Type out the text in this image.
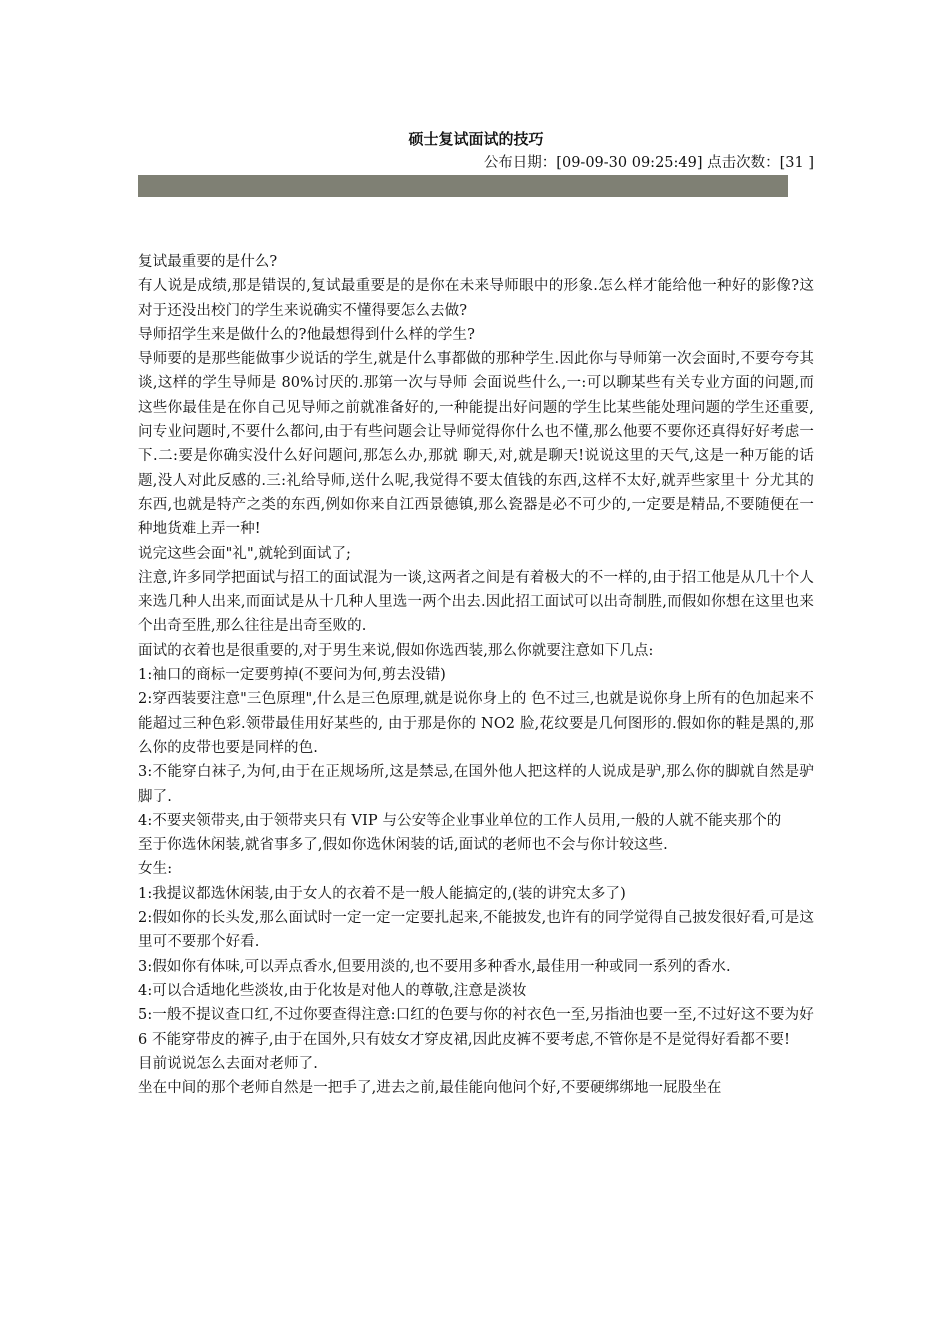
硕士复试面试的技巧
公布日期：[09-09-30 09:25:49] 点击次数：[31 ]

复试最重要的是什么?

有人说是成绩,那是错误的,复试最重要是的是你在未来导师眼中的形象.怎么样才能给他一种好的影像?这对于还没出校门的学生来说确实不懂得要怎么去做?

导师招学生来是做什么的?他最想得到什么样的学生?

导师要的是那些能做事少说话的学生,就是什么事都做的那种学生.因此你与导师第一次会面时,不要夸夸其谈,这样的学生导师是 80%讨厌的.那第一次与导师 会面说些什么,一:可以聊某些有关专业方面的问题,而这些你最佳是在你自己见导师之前就准备好的,一种能提出好问题的学生比某些能处理问题的学生还重要, 问专业问题时,不要什么都问,由于有些问题会让导师觉得你什么也不懂,那么他要不要你还真得好好考虑一下.二:要是你确实没什么好问题问,那怎么办,那就 聊天,对,就是聊天!说说这里的天气,这是一种万能的话题,没人对此反感的.三:礼给导师,送什么呢,我觉得不要太值钱的东西,这样不太好,就弄些家里十 分尤其的东西,也就是特产之类的东西,例如你来自江西景德镇,那么瓷器是必不可少的,一定要是精品,不要随便在一种地货难上弄一种!

说完这些会面"礼",就轮到面试了;

注意,许多同学把面试与招工的面试混为一谈,这两者之间是有着极大的不一样的,由于招工他是从几十个人来选几种人出来,而面试是从十几种人里选一两个出去.因此招工面试可以出奇制胜,而假如你想在这里也来个出奇至胜,那么往往是出奇至败的.

面试的衣着也是很重要的,对于男生来说,假如你选西装,那么你就要注意如下几点:

1:袖口的商标一定要剪掉(不要问为何,剪去没错)

2:穿西装要注意"三色原理",什么是三色原理,就是说你身上的 色不过三,也就是说你身上所有的色加起来不能超过三种色彩.领带最佳用好某些的, 由于那是你的 NO2 脸,花纹要是几何图形的.假如你的鞋是黑的,那么你的皮带也要是同样的色.

3:不能穿白袜子,为何,由于在正规场所,这是禁忌,在国外他人把这样的人说成是驴,那么你的脚就自然是驴脚了.

4:不要夹领带夹,由于领带夹只有 VIP 与公安等企业事业单位的工作人员用,一般的人就不能夹那个的

至于你选休闲装,就省事多了,假如你选休闲装的话,面试的老师也不会与你计较这些.

女生:

1:我提议都选休闲装,由于女人的衣着不是一般人能搞定的,(装的讲究太多了)

2:假如你的长头发,那么面试时一定一定一定要扎起来,不能披发,也许有的同学觉得自己披发很好看,可是这里可不要那个好看.

3:假如你有体味,可以弄点香水,但要用淡的,也不要用多种香水,最佳用一种或同一系列的香水.

4:可以合适地化些淡妆,由于化妆是对他人的尊敬,注意是淡妆

5:一般不提议查口红,不过你要查得注意:口红的色要与你的衬衣色一至,另指油也要一至,不过好这不要为好

6 不能穿带皮的裤子,由于在国外,只有妓女才穿皮裙,因此皮裤不要考虑,不管你是不是觉得好看都不要!

目前说说怎么去面对老师了.

坐在中间的那个老师自然是一把手了,进去之前,最佳能向他问个好,不要硬绑绑地一屁股坐在
